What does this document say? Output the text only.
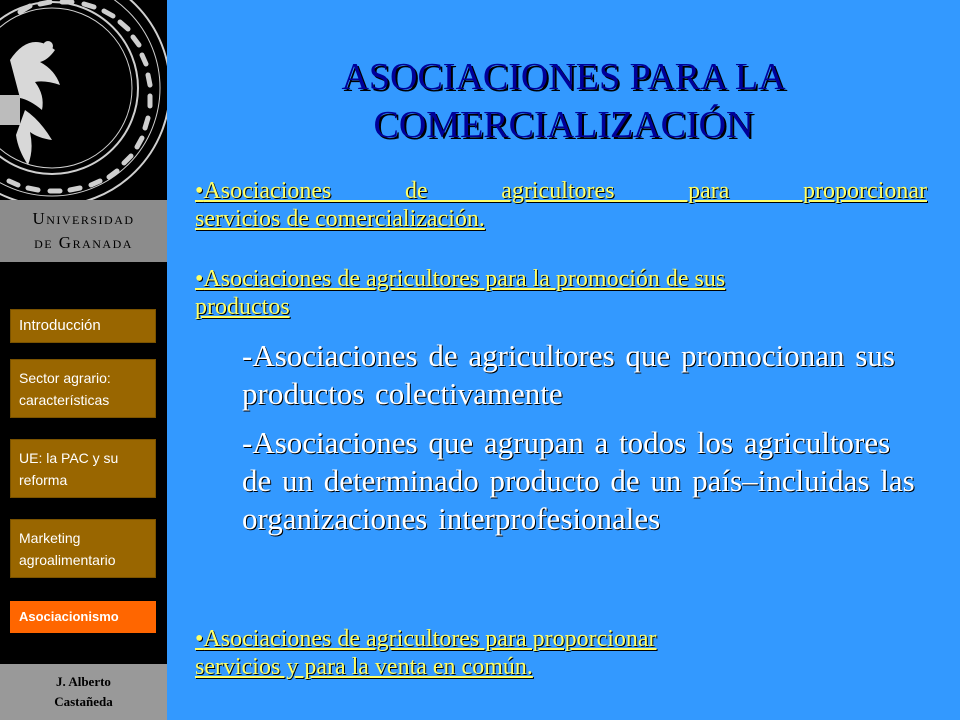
Universidad
de Granada
Introducción
Sector agrario: características
UE: la PAC y su reforma
Marketing agroalimentario
Asociacionismo
J. Alberto
Castañeda
ASOCIACIONES PARA LA
COMERCIALIZACIÓN
•Asociaciones de agricultores para proporcionar
servicios de comercialización.
•Asociaciones de agricultores para la promoción de sus
productos

-Asociaciones de agricultores que promocionan sus productos colectivamente

-Asociaciones que agrupan a todos los agricultores de un determinado producto de un país–incluidas las organizaciones interprofesionales

•Asociaciones de agricultores para proporcionar
servicios y para la venta en común.
